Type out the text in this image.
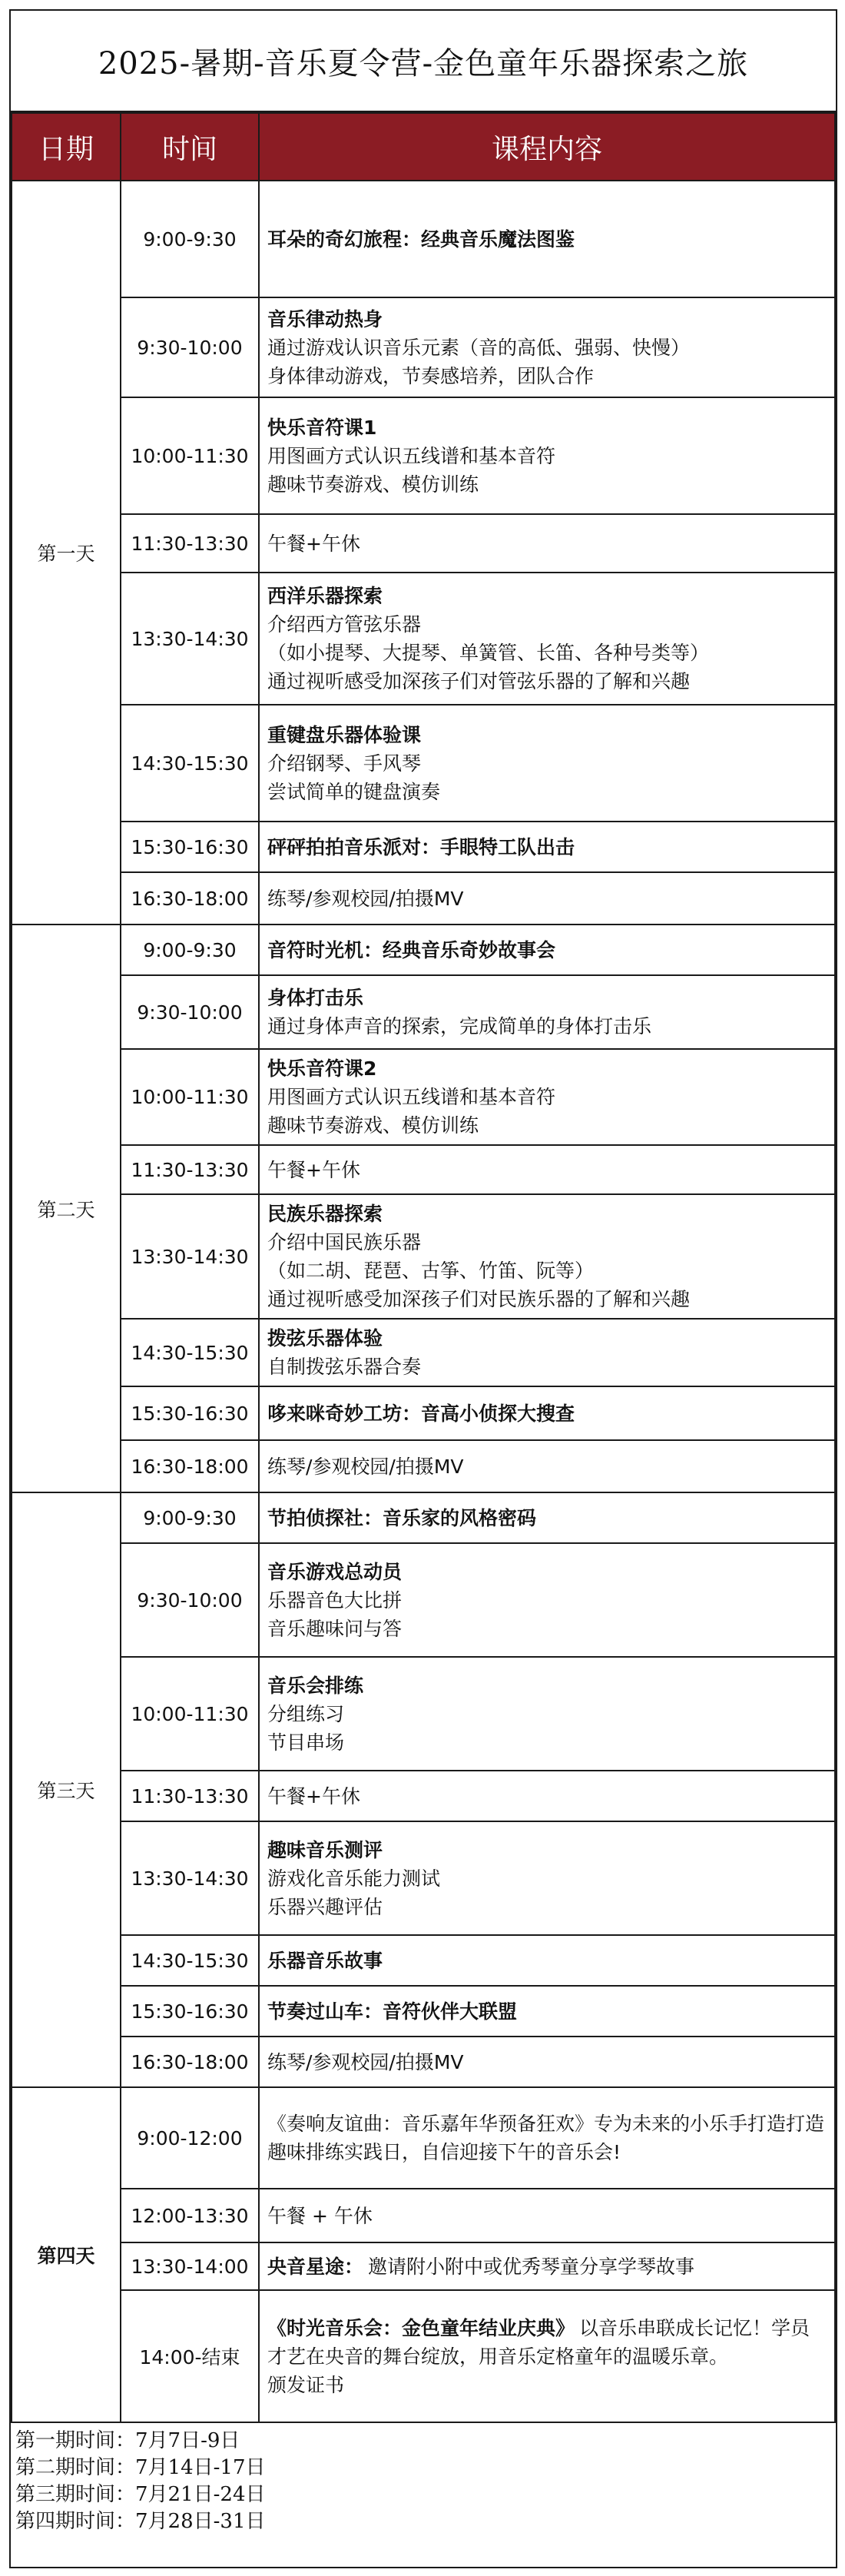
2025-暑期-音乐夏令营-金色童年乐器探索之旅
日期	时间	课程内容
第一天	9:00-9:30	耳朵的奇幻旅程：经典音乐魔法图鉴
	9:30-10:00	音乐律动热身
通过游戏认识音乐元素（音的高低、强弱、快慢）
身体律动游戏，节奏感培养，团队合作

	10:00-11:30	快乐音符课1
用图画方式认识五线谱和基本音符
趣味节奏游戏、模仿训练

	11:30-13:30	午餐+午休

	13:30-14:30	西洋乐器探索
介绍西方管弦乐器
（如小提琴、大提琴、单簧管、长笛、各种号类等）
通过视听感受加深孩子们对管弦乐器的了解和兴趣

	14:30-15:30	重键盘乐器体验课
介绍钢琴、手风琴
尝试简单的键盘演奏

	15:30-16:30	砰砰拍拍音乐派对：手眼特工队出击
	16:30-18:00	练琴/参观校园/拍摄MV

第二天	9:00-9:30	音符时光机：经典音乐奇妙故事会
	9:30-10:00	身体打击乐
通过身体声音的探索，完成简单的身体打击乐

	10:00-11:30	快乐音符课2
用图画方式认识五线谱和基本音符
趣味节奏游戏、模仿训练

	11:30-13:30	午餐+午休

	13:30-14:30	民族乐器探索
介绍中国民族乐器
（如二胡、琵琶、古筝、竹笛、阮等）
通过视听感受加深孩子们对民族乐器的了解和兴趣

	14:30-15:30	拨弦乐器体验
自制拨弦乐器合奏

	15:30-16:30	哆来咪奇妙工坊：音高小侦探大搜查
	16:30-18:00	练琴/参观校园/拍摄MV

第三天	9:00-9:30	节拍侦探社：音乐家的风格密码
	9:30-10:00	音乐游戏总动员
乐器音色大比拼
音乐趣味问与答

	10:00-11:30	音乐会排练
分组练习
节目串场

	11:30-13:30	午餐+午休

	13:30-14:30	趣味音乐测评
游戏化音乐能力测试
乐器兴趣评估

	14:30-15:30	乐器音乐故事
	15:30-16:30	节奏过山车：音符伙伴大联盟
	16:30-18:00	练琴/参观校园/拍摄MV

第四天	9:00-12:00	《奏响友谊曲：音乐嘉年华预备狂欢》专为未来的小乐手打造打造趣味排练实践日，自信迎接下午的音乐会!

	12:00-13:30	午餐 + 午休

	13:30-14:00	央音星途： 邀请附小附中或优秀琴童分享学琴故事
	14:00-结束	《时光音乐会：金色童年结业庆典》 以音乐串联成长记忆！学员才艺在央音的舞台绽放，用音乐定格童年的温暖乐章。
颁发证书
第一期时间：7月7日-9日
第二期时间：7月14日-17日
第三期时间：7月21日-24日
第四期时间：7月28日-31日
